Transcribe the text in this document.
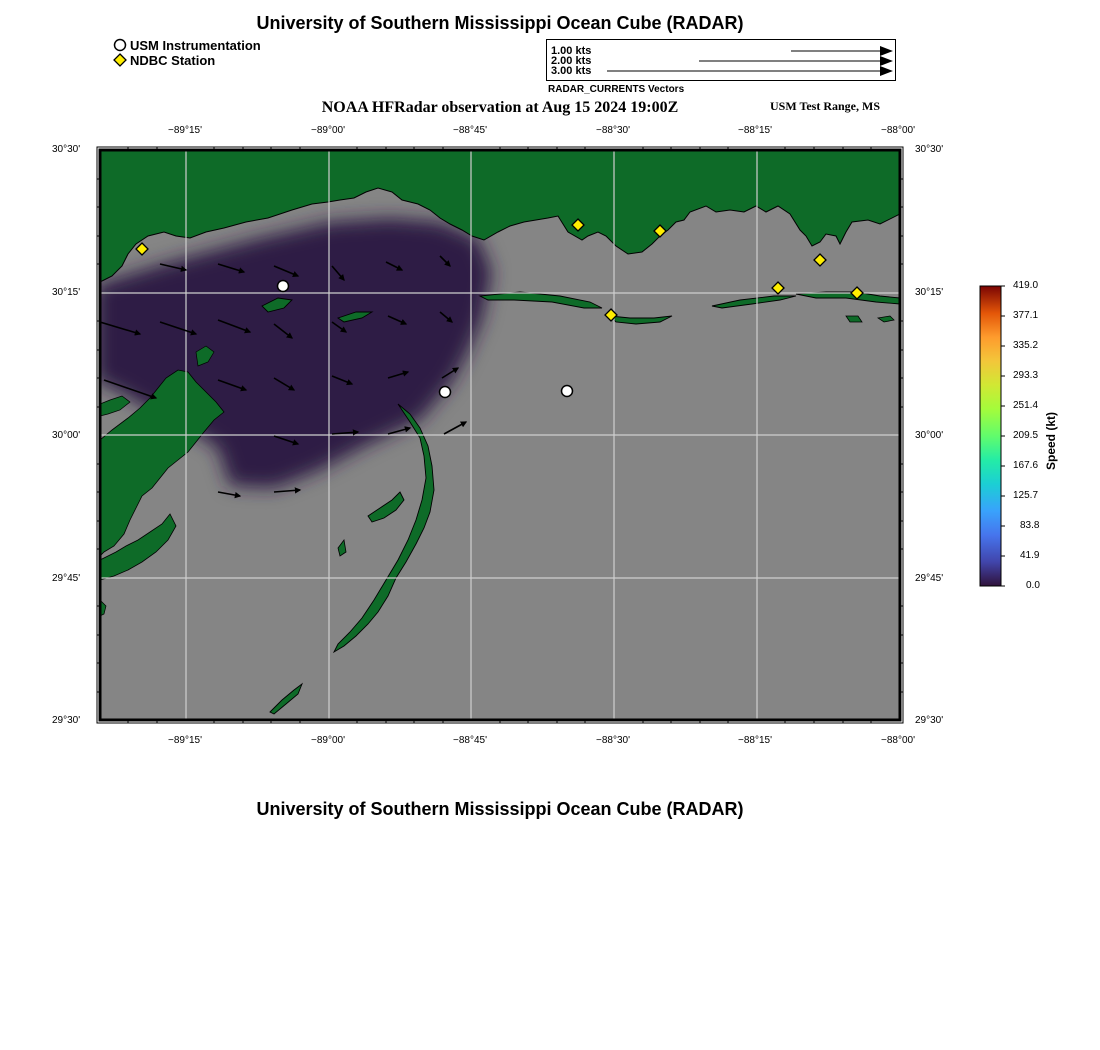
University of Southern Mississippi Ocean Cube (RADAR)
NOAA HFRadar observation at Aug 15 2024 19:00Z	USM Test Range, MS
University of Southern Mississippi Ocean Cube (RADAR)
USM Instrumentation
NDBC Station
1.00 kts
2.00 kts
3.00 kts
RADAR_CURRENTS Vectors
−89°15'	−89°00'	−88°45'	−88°30'	−88°15'	−88°00'
−89°15'	−89°00'	−88°45'	−88°30'	−88°15'	−88°00'
30°30'
30°15'
30°00'
29°45'
29°30'
30°30'
30°15'
30°00'
29°45'
29°30'
419.0
377.1
335.2
293.3
251.4
209.5
167.6
125.7
83.8
41.9
0.0
Speed (kt)
